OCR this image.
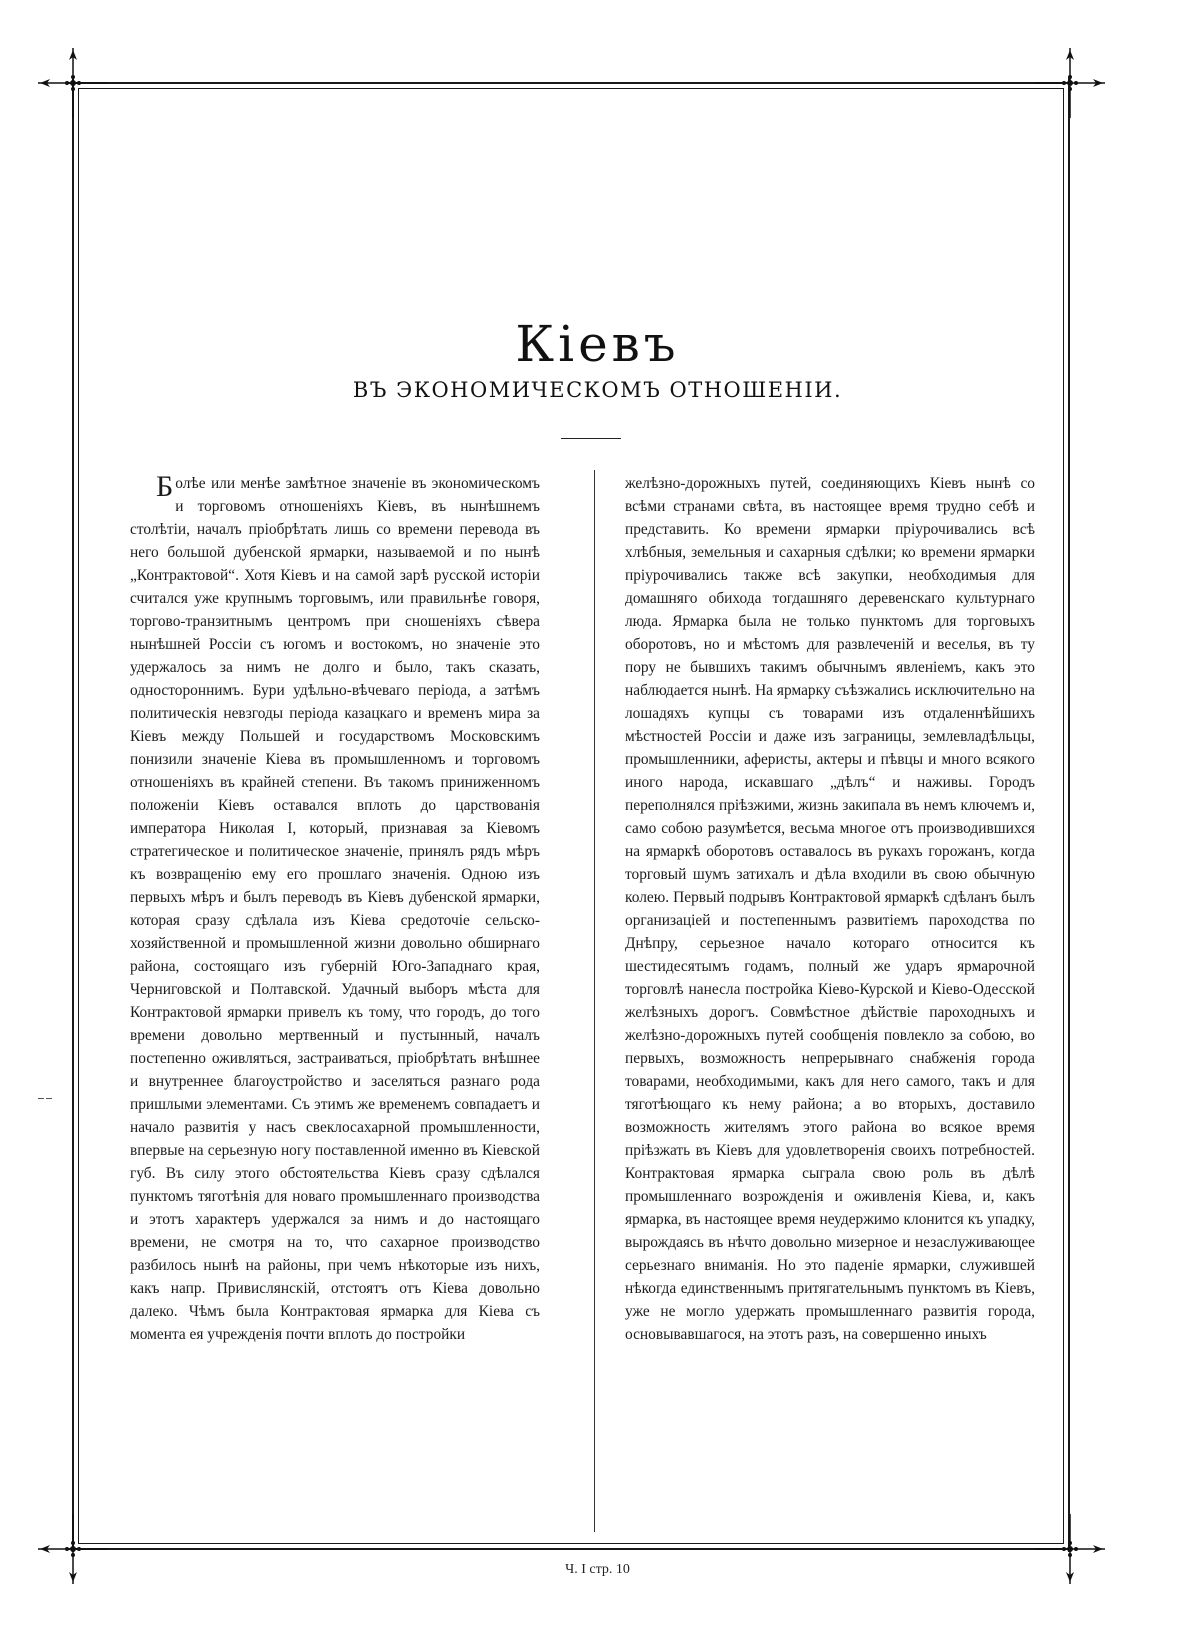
Кіевъ
ВЪ ЭКОНОМИЧЕСКОМЪ ОТНОШЕНІИ.
Болѣе или менѣе замѣтное значеніе въ экономическомъ и торговомъ отношеніяхъ Кіевъ, въ нынѣшнемъ столѣтіи, началъ пріобрѣтать лишь со времени перевода въ него большой дубенской ярмарки, называемой и по нынѣ „Контрактовой“. Хотя Кіевъ и на самой зарѣ русской исторіи считался уже крупнымъ торговымъ, или правильнѣе говоря, торгово-транзитнымъ центромъ при сношеніяхъ сѣвера нынѣшней Россіи съ югомъ и востокомъ, но значеніе это удержалось за нимъ не долго и было, такъ сказать, одностороннимъ. Бури удѣльно-вѣчеваго періода, а затѣмъ политическія невзгоды періода казацкаго и временъ мира за Кіевъ между Польшей и государствомъ Московскимъ понизили значеніе Кіева въ промышленномъ и торговомъ отношеніяхъ въ крайней степени. Въ такомъ приниженномъ положеніи Кіевъ оставался вплоть до царствованія императора Николая I, который, признавая за Кіевомъ стратегическое и политическое значеніе, принялъ рядъ мѣръ къ возвращенію ему его прошлаго значенія. Одною изъ первыхъ мѣръ и былъ переводъ въ Кіевъ дубенской ярмарки, которая сразу сдѣлала изъ Кіева средоточіе сельско-хозяйственной и промышленной жизни довольно обширнаго района, состоящаго изъ губерній Юго-Западнаго края, Черниговской и Полтавской. Удачный выборъ мѣста для Контрактовой ярмарки привелъ къ тому, что городъ, до того времени довольно мертвенный и пустынный, началъ постепенно оживляться, застраиваться, пріобрѣтать внѣшнее и внутреннее благоустройство и заселяться разнаго рода пришлыми элементами. Съ этимъ же временемъ совпадаетъ и начало развитія у насъ свеклосахарной промышленности, впервые на серьезную ногу поставленной именно въ Кіевской губ. Въ силу этого обстоятельства Кіевъ сразу сдѣлался пунктомъ тяготѣнія для новаго промышленнаго производства и этотъ характеръ удержался за нимъ и до настоящаго времени, не смотря на то, что сахарное производство разбилось нынѣ на районы, при чемъ нѣкоторые изъ нихъ, какъ напр. Привислянскій, отстоятъ отъ Кіева довольно далеко. Чѣмъ была Контрактовая ярмарка для Кіева съ момента ея учрежденія почти вплоть до постройки
желѣзно-дорожныхъ путей, соединяющихъ Кіевъ нынѣ со всѣми странами свѣта, въ настоящее время трудно себѣ и представить. Ко времени ярмарки пріурочивались всѣ хлѣбныя, земельныя и сахарныя сдѣлки; ко времени ярмарки пріурочивались также всѣ закупки, необходимыя для домашняго обихода тогдашняго деревенскаго культурнаго люда. Ярмарка была не только пунктомъ для торговыхъ оборотовъ, но и мѣстомъ для развлеченій и веселья, въ ту пору не бывшихъ такимъ обычнымъ явленіемъ, какъ это наблюдается нынѣ. На ярмарку съѣзжались исключительно на лошадяхъ купцы съ товарами изъ отдаленнѣйшихъ мѣстностей Россіи и даже изъ заграницы, землевладѣльцы, промышленники, аферисты, актеры и пѣвцы и много всякого иного народа, искавшаго „дѣлъ“ и наживы. Городъ переполнялся пріѣзжими, жизнь закипала въ немъ ключемъ и, само собою разумѣется, весьма многое отъ производившихся на ярмаркѣ оборотовъ оставалось въ рукахъ горожанъ, когда торговый шумъ затихалъ и дѣла входили въ свою обычную колею. Первый подрывъ Контрактовой ярмаркѣ сдѣланъ былъ организаціей и постепеннымъ развитіемъ пароходства по Днѣпру, серьезное начало котораго относится къ шестидесятымъ годамъ, полный же ударъ ярмарочной торговлѣ нанесла постройка Кіево-Курской и Кіево-Одесской желѣзныхъ дорогъ. Совмѣстное дѣйствіе пароходныхъ и желѣзно-дорожныхъ путей сообщенія повлекло за собою, во первыхъ, возможность непрерывнаго снабженія города товарами, необходимыми, какъ для него самого, такъ и для тяготѣющаго къ нему района; а во вторыхъ, доставило возможность жителямъ этого района во всякое время пріѣзжать въ Кіевъ для удовлетворенія своихъ потребностей. Контрактовая ярмарка сыграла свою роль въ дѣлѣ промышленнаго возрожденія и оживленія Кіева, и, какъ ярмарка, въ настоящее время неудержимо клонится къ упадку, вырождаясь въ нѣчто довольно мизерное и незаслуживающее серьезнаго вниманія. Но это паденіе ярмарки, служившей нѣкогда единственнымъ притягательнымъ пунктомъ въ Кіевъ, уже не могло удержать промышленнаго развитія города, основывавшагося, на этотъ разъ, на совершенно иныхъ
Ч. I стр. 10
